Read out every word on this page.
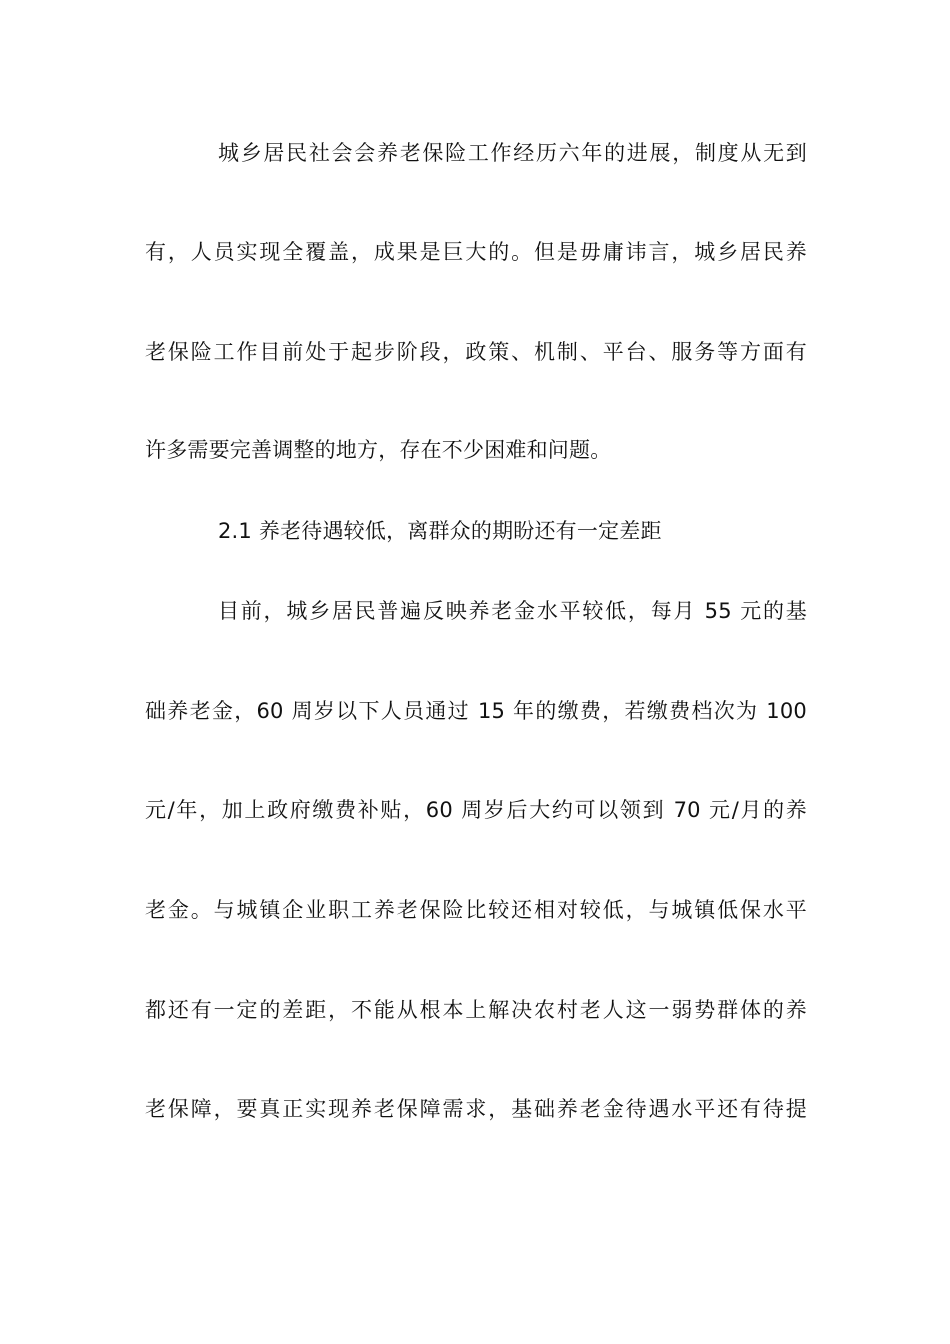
城乡居民社会会养老保险工作经历六年的进展，制度从无到
有，人员实现全覆盖，成果是巨大的。但是毋庸讳言，城乡居民养
老保险工作目前处于起步阶段，政策、机制、平台、服务等方面有
许多需要完善调整的地方，存在不少困难和问题。
2.1 养老待遇较低，离群众的期盼还有一定差距
目前，城乡居民普遍反映养老金水平较低，每月 55 元的基
础养老金，60 周岁以下人员通过 15 年的缴费，若缴费档次为 100
元/年，加上政府缴费补贴，60 周岁后大约可以领到 70 元/月的养
老金。与城镇企业职工养老保险比较还相对较低，与城镇低保水平
都还有一定的差距，不能从根本上解决农村老人这一弱势群体的养
老保障，要真正实现养老保障需求，基础养老金待遇水平还有待提
